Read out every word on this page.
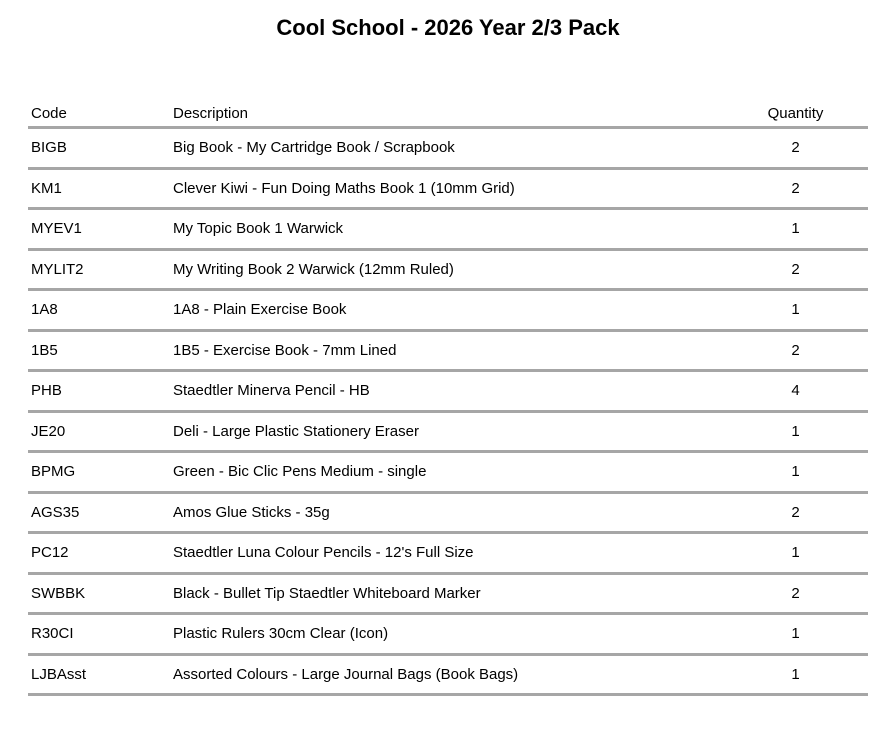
Cool School - 2026 Year 2/3 Pack
Code	Description	Quantity
BIGB	Big Book - My Cartridge Book / Scrapbook	2
KM1	Clever Kiwi - Fun Doing Maths Book 1 (10mm Grid)	2
MYEV1	My Topic Book 1 Warwick	1
MYLIT2	My Writing Book 2 Warwick (12mm Ruled)	2
1A8	1A8 - Plain Exercise Book	1
1B5	1B5 - Exercise Book - 7mm Lined	2
PHB	Staedtler Minerva Pencil - HB	4
JE20	Deli - Large Plastic Stationery Eraser	1
BPMG	Green - Bic Clic Pens Medium - single	1
AGS35	Amos Glue Sticks - 35g	2
PC12	Staedtler Luna Colour Pencils - 12's Full Size	1
SWBBK	Black - Bullet Tip Staedtler Whiteboard Marker	2
R30CI	Plastic Rulers 30cm Clear (Icon)	1
LJBAsst	Assorted Colours - Large Journal Bags (Book Bags)	1
